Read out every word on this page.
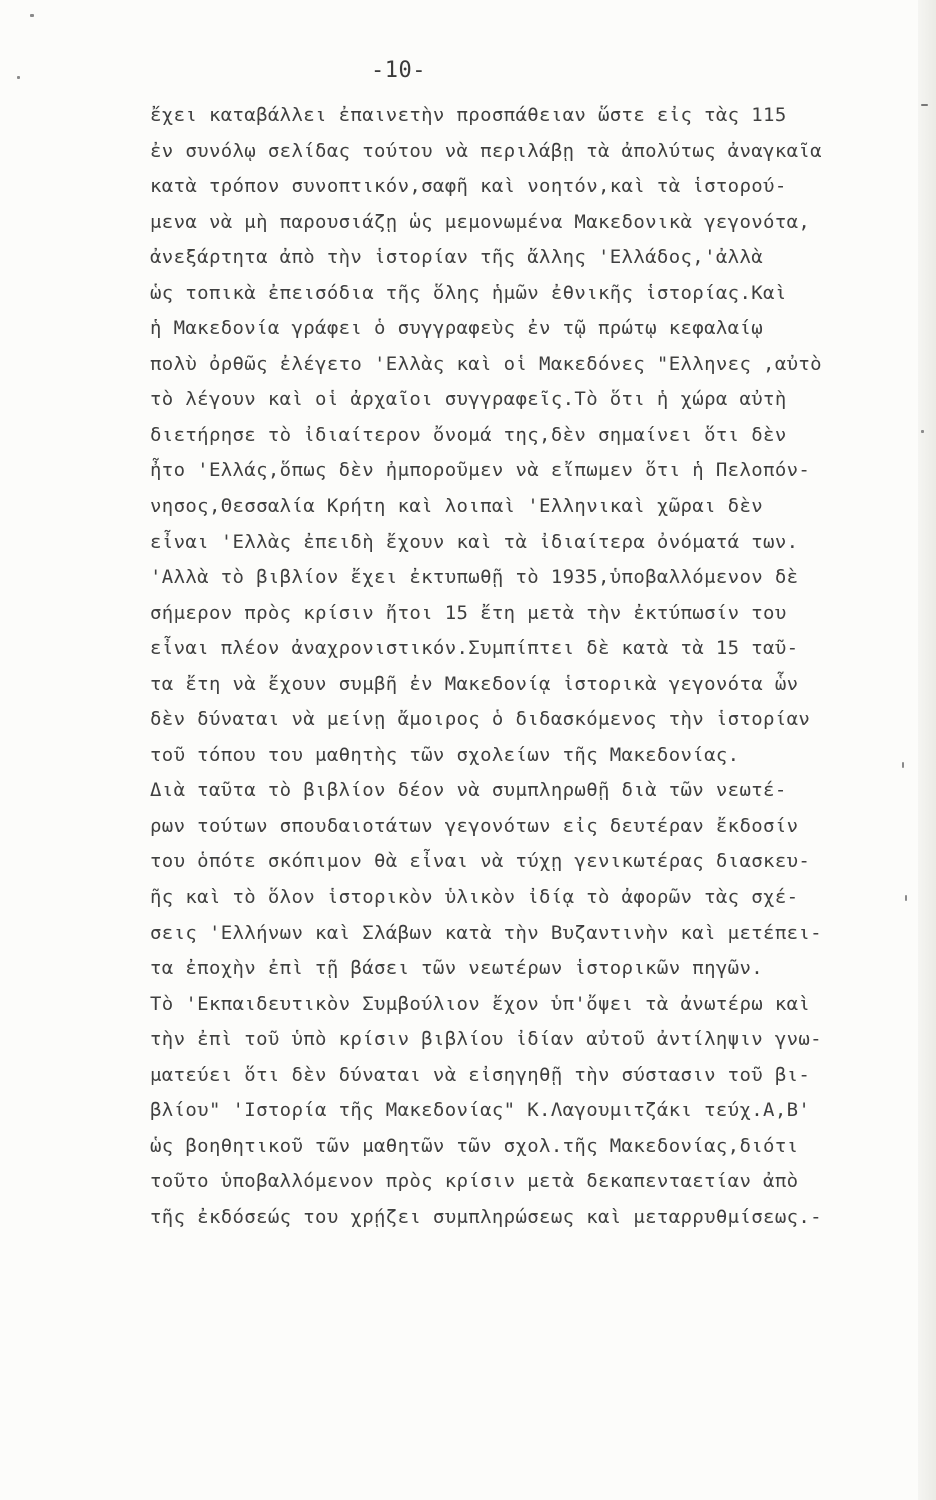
-10-
ἔχει καταβάλλει ἐπαινετὴν προσπάθειαν ὥστε εἰς τὰς 115
ἐν συνόλῳ σελίδας τούτου νὰ περιλάβῃ τὰ ἀπολύτως ἀναγκαῖα
κατὰ τρόπον συνοπτικόν,σαφῆ καὶ νοητόν,καὶ τὰ ἱστορού-
μενα νὰ μὴ παρουσιάζῃ ὡς μεμονωμένα Μακεδονικὰ γεγονότα,
ἀνεξάρτητα ἀπὸ τὴν ἱστορίαν τῆς ἄλλης 'Ελλάδος,'ἀλλὰ
ὡς τοπικὰ ἐπεισόδια τῆς ὅλης ἡμῶν ἐθνικῆς ἱστορίας.Καὶ
ἡ Μακεδονία γράφει ὁ συγγραφεὺς ἐν τῷ πρώτῳ κεφαλαίῳ
πολὺ ὀρθῶς ἐλέγετο 'Ελλὰς καὶ οἱ Μακεδόνες "Ελληνες ,αὐτὸ
τὸ λέγουν καὶ οἱ ἀρχαῖοι συγγραφεῖς.Τὸ ὅτι ἡ χώρα αὐτὴ
διετήρησε τὸ ἰδιαίτερον ὄνομά της,δὲν σημαίνει ὅτι δὲν
ἦτο 'Ελλάς,ὅπως δὲν ἠμποροῦμεν νὰ εἴπωμεν ὅτι ἡ Πελοπόν-
νησος,Θεσσαλία Κρήτη καὶ λοιπαὶ 'Ελληνικαὶ χῶραι δὲν
εἶναι 'Ελλὰς ἐπειδὴ ἔχουν καὶ τὰ ἰδιαίτερα ὀνόματά των.
'Αλλὰ τὸ βιβλίον ἔχει ἐκτυπωθῇ τὸ 1935,ὑποβαλλόμενον δὲ
σήμερον πρὸς κρίσιν ἤτοι 15 ἔτη μετὰ τὴν ἐκτύπωσίν του
εἶναι πλέον ἀναχρονιστικόν.Συμπίπτει δὲ κατὰ τὰ 15 ταῦ-
τα ἔτη νὰ ἔχουν συμβῆ ἐν Μακεδονίᾳ ἱστορικὰ γεγονότα ὧν
δὲν δύναται νὰ μείνῃ ἄμοιρος ὁ διδασκόμενος τὴν ἱστορίαν
τοῦ τόπου του μαθητὴς τῶν σχολείων τῆς Μακεδονίας.
Διὰ ταῦτα τὸ βιβλίον δέον νὰ συμπληρωθῇ διὰ τῶν νεωτέ-
ρων τούτων σπουδαιοτάτων γεγονότων εἰς δευτέραν ἔκδοσίν
του ὁπότε σκόπιμον θὰ εἶναι νὰ τύχῃ γενικωτέρας διασκευ-
ῆς καὶ τὸ ὅλον ἱστορικὸν ὑλικὸν ἰδίᾳ τὸ ἀφορῶν τὰς σχέ-
σεις 'Ελλήνων καὶ Σλάβων κατὰ τὴν Βυζαντινὴν καὶ μετέπει-
τα ἐποχὴν ἐπὶ τῇ βάσει τῶν νεωτέρων ἱστορικῶν πηγῶν.
Τὸ 'Εκπαιδευτικὸν Συμβούλιον ἔχον ὑπ'ὄψει τὰ ἀνωτέρω καὶ
τὴν ἐπὶ τοῦ ὑπὸ κρίσιν βιβλίου ἰδίαν αὐτοῦ ἀντίληψιν γνω-
ματεύει ὅτι δὲν δύναται νὰ εἰσηγηθῇ τὴν σύστασιν τοῦ βι-
βλίου" 'Ιστορία τῆς Μακεδονίας" Κ.Λαγουμιτζάκι τεύχ.Α,Β'
ὡς βοηθητικοῦ τῶν μαθητῶν τῶν σχολ.τῆς Μακεδονίας,διότι
τοῦτο ὑποβαλλόμενον πρὸς κρίσιν μετὰ δεκαπενταετίαν ἀπὸ
τῆς ἐκδόσεώς του χρῄζει συμπληρώσεως καὶ μεταρρυθμίσεως.-
